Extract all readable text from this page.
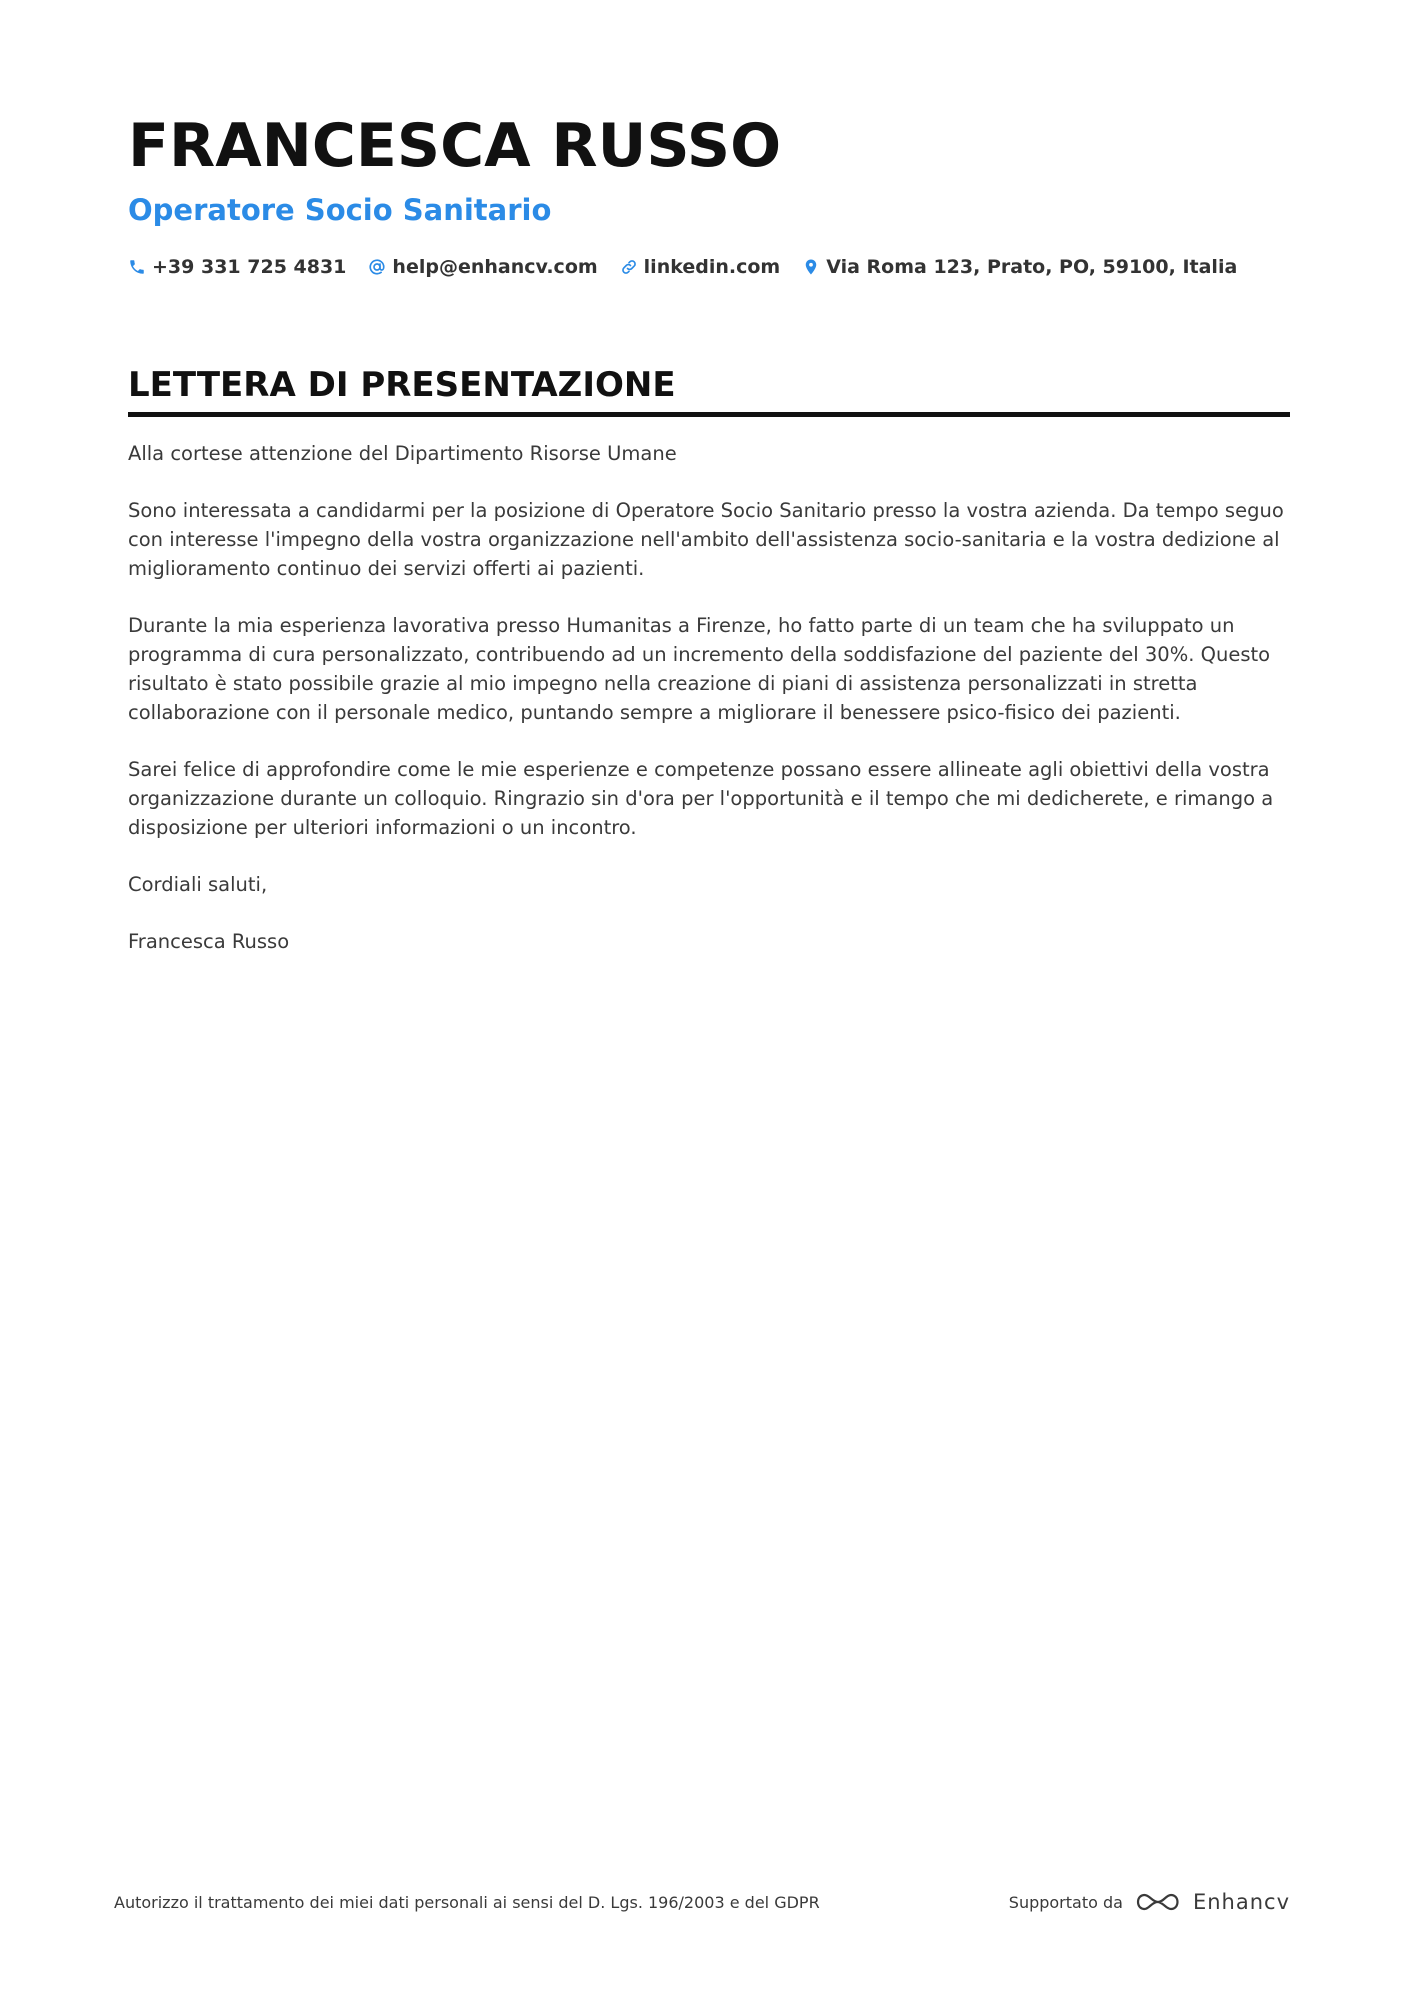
FRANCESCA RUSSO
Operatore Socio Sanitario
+39 331 725 4831 help@enhancv.com linkedin.com Via Roma 123, Prato, PO, 59100, Italia
LETTERA DI PRESENTAZIONE

Alla cortese attenzione del Dipartimento Risorse Umane

Sono interessata a candidarmi per la posizione di Operatore Socio Sanitario presso la vostra azienda. Da tempo seguo con interesse l'impegno della vostra organizzazione nell'ambito dell'assistenza socio-sanitaria e la vostra dedizione al miglioramento continuo dei servizi offerti ai pazienti.

Durante la mia esperienza lavorativa presso Humanitas a Firenze, ho fatto parte di un team che ha sviluppato un programma di cura personalizzato, contribuendo ad un incremento della soddisfazione del paziente del 30%. Questo risultato è stato possibile grazie al mio impegno nella creazione di piani di assistenza personalizzati in stretta collaborazione con il personale medico, puntando sempre a migliorare il benessere psico-fisico dei pazienti.

Sarei felice di approfondire come le mie esperienze e competenze possano essere allineate agli obiettivi della vostra organizzazione durante un colloquio. Ringrazio sin d'ora per l'opportunità e il tempo che mi dedicherete, e rimango a disposizione per ulteriori informazioni o un incontro.

Cordiali saluti,

Francesca Russo

Autorizzo il trattamento dei miei dati personali ai sensi del D. Lgs. 196/2003 e del GDPR	Supportato da	Enhancv
